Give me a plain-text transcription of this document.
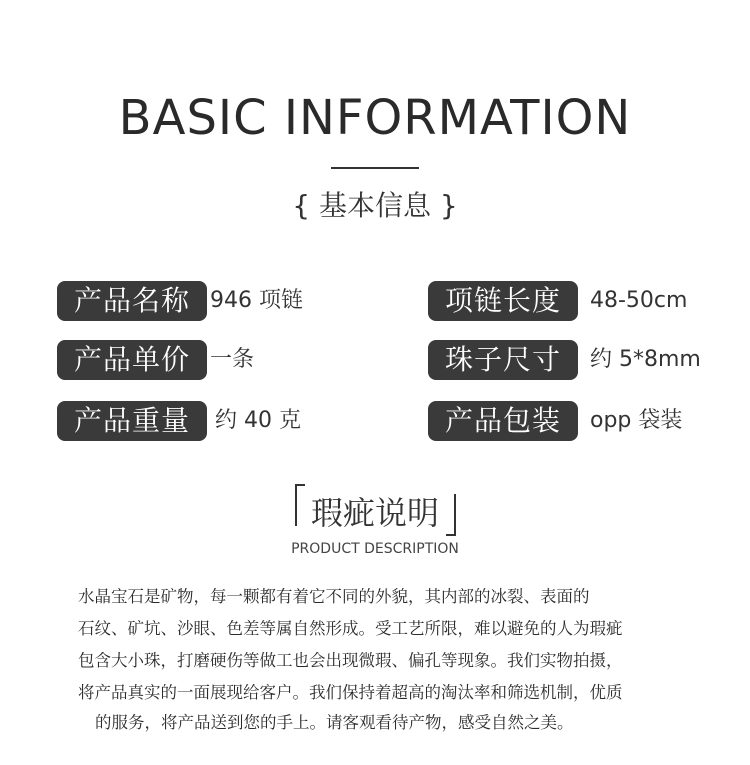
BASIC INFORMATION
{ 基本信息 }
产品名称 946 项链
产品单价 一条
产品重量	约 40 克
项链长度	48-50cm
珠子尺寸	约 5*8mm
产品包装	opp 袋装
瑕疵说明
PRODUCT DESCRIPTION
水晶宝石是矿物，每一颗都有着它不同的外貌，其内部的冰裂、表面的
石纹、矿坑、沙眼、色差等属自然形成。受工艺所限，难以避免的人为瑕疵
包含大小珠，打磨硬伤等做工也会出现微瑕、偏孔等现象。我们实物拍摄，
将产品真实的一面展现给客户。我们保持着超高的淘汰率和筛选机制，优质
的服务，将产品送到您的手上。请客观看待产物，感受自然之美。
